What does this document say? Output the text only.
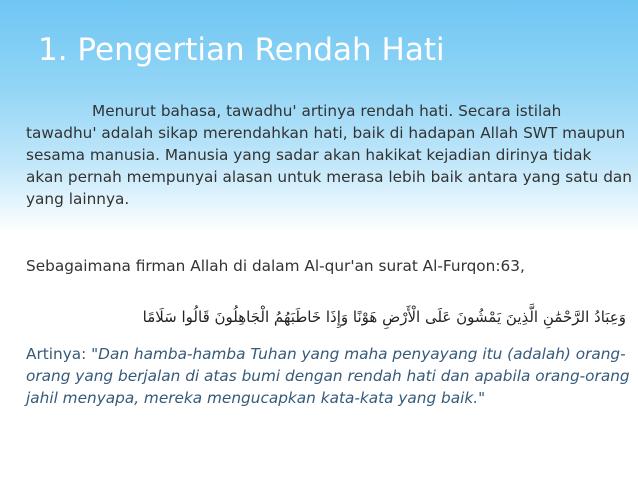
1. Pengertian Rendah Hati
Menurut bahasa, tawadhu' artinya rendah hati. Secara istilah tawadhu' adalah sikap merendahkan hati, baik di hadapan Allah SWT maupun sesama manusia. Manusia yang sadar akan hakikat kejadian dirinya tidak akan pernah mempunyai alasan untuk merasa lebih baik antara yang satu dan yang lainnya.
Sebagaimana firman Allah di dalam Al-qur'an surat Al-Furqon:63,
وَعِبَادُ الرَّحْمَٰنِ الَّذِينَ يَمْشُونَ عَلَى الْأَرْضِ هَوْنًا وَإِذَا خَاطَبَهُمُ الْجَاهِلُونَ قَالُوا سَلَامًا
Artinya: "Dan hamba-hamba Tuhan yang maha penyayang itu (adalah) orang-orang yang berjalan di atas bumi dengan rendah hati dan apabila orang-orang jahil menyapa, mereka mengucapkan kata-kata yang baik."
